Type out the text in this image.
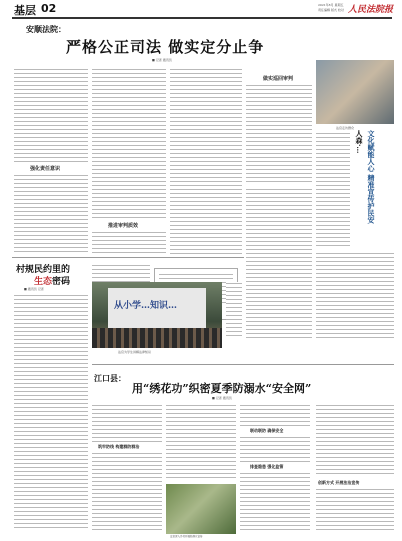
基层 02	2021年8月 星期五
责任编辑 版式 校对 人民法院报
安顺法院：
严格公正司法 做实定分止争
■ 记者 通讯员
强化责任意识
推进审判质效
做实巡回审判
法官走访群众
人森·… 文化赋能人心 精准宣传护民安
村规民约里的
生态 密码
■ 通讯员 记者
从小学…知识…
法官为学生讲解法律知识
江口县：
用“绣花功”织密夏季防溺水“安全网”
■ 记者 通讯员
筑牢防线 构建群防群治
法官深入乡村开展防溺水宣传
联动联防 确保安全
排查隐患 强化监管
创新方式 开展法治宣传
